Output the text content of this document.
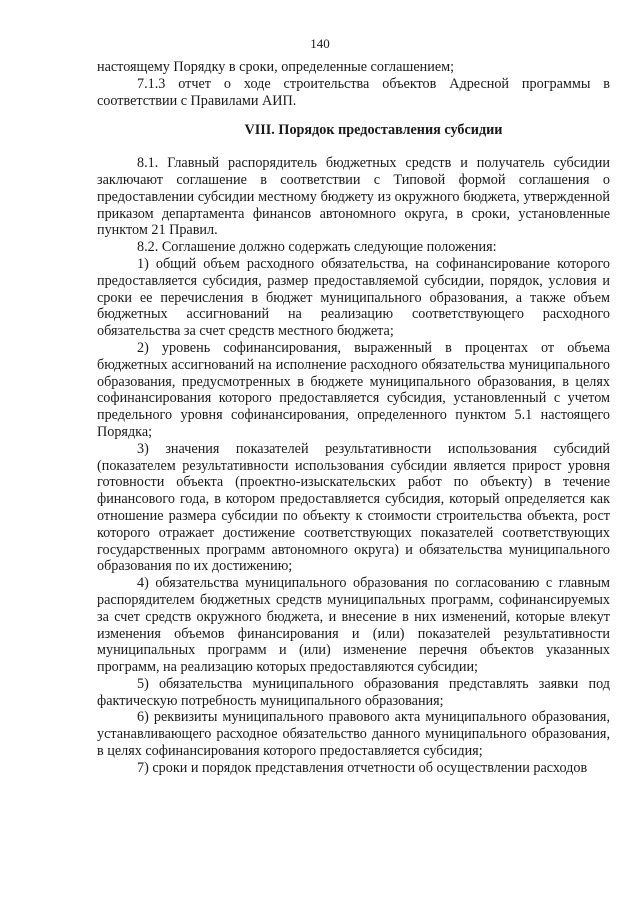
140

настоящему Порядку в сроки, определенные соглашением;

7.1.3 отчет о ходе строительства объектов Адресной программы в соответствии с Правилами АИП.

VIII. Порядок предоставления субсидии

8.1. Главный распорядитель бюджетных средств и получатель субсидии заключают соглашение в соответствии с Типовой формой соглашения о предоставлении субсидии местному бюджету из окружного бюджета, утвержденной приказом департамента финансов автономного округа, в сроки, установленные пунктом 21 Правил.

8.2. Соглашение должно содержать следующие положения:

1) общий объем расходного обязательства, на софинансирование которого предоставляется субсидия, размер предоставляемой субсидии, порядок, условия и сроки ее перечисления в бюджет муниципального образования, а также объем бюджетных ассигнований на реализацию соответствующего расходного обязательства за счет средств местного бюджета;

2) уровень софинансирования, выраженный в процентах от объема бюджетных ассигнований на исполнение расходного обязательства муниципального образования, предусмотренных в бюджете муниципального образования, в целях софинансирования которого предоставляется субсидия, установленный с учетом предельного уровня софинансирования, определенного пунктом 5.1 настоящего Порядка;

3) значения показателей результативности использования субсидий (показателем результативности использования субсидии является прирост уровня готовности объекта (проектно-изыскательских работ по объекту) в течение финансового года, в котором предоставляется субсидия, который определяется как отношение размера субсидии по объекту к стоимости строительства объекта, рост которого отражает достижение соответствующих показателей соответствующих государственных программ автономного округа) и обязательства муниципального образования по их достижению;

4) обязательства муниципального образования по согласованию с главным распорядителем бюджетных средств муниципальных программ, софинансируемых за счет средств окружного бюджета, и внесение в них изменений, которые влекут изменения объемов финансирования и (или) показателей результативности муниципальных программ и (или) изменение перечня объектов указанных программ, на реализацию которых предоставляются субсидии;

5) обязательства муниципального образования представлять заявки под фактическую потребность муниципального образования;

6) реквизиты муниципального правового акта муниципального образования, устанавливающего расходное обязательство данного муниципального образования, в целях софинансирования которого предоставляется субсидия;

7) сроки и порядок представления отчетности об осуществлении расходов
